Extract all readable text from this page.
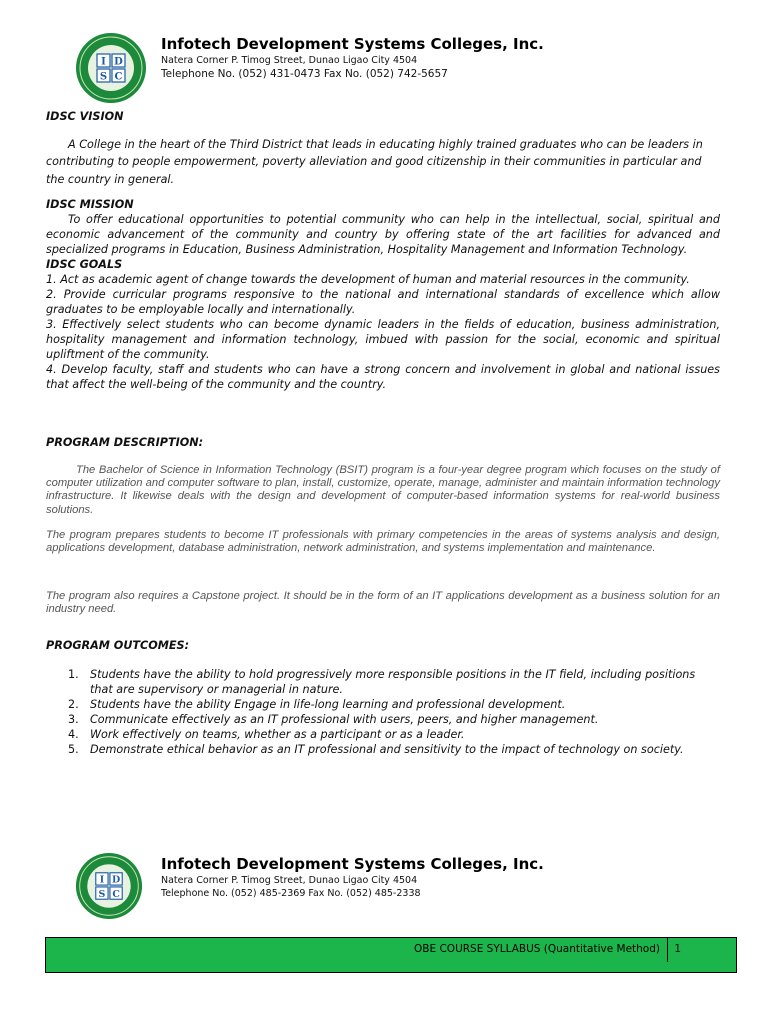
I D
S C
Infotech Development Systems Colleges, Inc.
Natera Corner P. Timog Street, Dunao Ligao City 4504
Telephone No. (052) 431-0473 Fax No. (052) 742-5657
IDSC VISION

A College in the heart of the Third District that leads in educating highly trained graduates who can be leaders in contributing to people empowerment, poverty alleviation and good citizenship in their communities in particular and the country in general.

IDSC MISSION

To offer educational opportunities to potential community who can help in the intellectual, social, spiritual and economic advancement of the community and country by offering state of the art facilities for advanced and specialized programs in Education, Business Administration, Hospitality Management and Information Technology.

IDSC GOALS

1. Act as academic agent of change towards the development of human and material resources in the community.

2. Provide curricular programs responsive to the national and international standards of excellence which allow graduates to be employable locally and internationally.

3. Effectively select students who can become dynamic leaders in the fields of education, business administration, hospitality management and information technology, imbued with passion for the social, economic and spiritual upliftment of the community.

4. Develop faculty, staff and students who can have a strong concern and involvement in global and national issues that affect the well-being of the community and the country.

PROGRAM DESCRIPTION:

The Bachelor of Science in Information Technology (BSIT) program is a four-year degree program which focuses on the study of computer utilization and computer software to plan, install, customize, operate, manage, administer and maintain information technology infrastructure. It likewise deals with the design and development of computer-based information systems for real-world business solutions.

The program prepares students to become IT professionals with primary competencies in the areas of systems analysis and design, applications development, database administration, network administration, and systems implementation and maintenance.

The program also requires a Capstone project. It should be in the form of an IT applications development as a business solution for an industry need.

PROGRAM OUTCOMES:
1. Students have the ability to hold progressively more responsible positions in the IT field, including positions that are supervisory or managerial in nature.
2. Students have the ability Engage in life-long learning and professional development.
3. Communicate effectively as an IT professional with users, peers, and higher management.
4. Work effectively on teams, whether as a participant or as a leader.
5. Demonstrate ethical behavior as an IT professional and sensitivity to the impact of technology on society.
I D
S C
Infotech Development Systems Colleges, Inc.
Natera Corner P. Timog Street, Dunao Ligao City 4504
Telephone No. (052) 485-2369 Fax No. (052) 485-2338
OBE COURSE SYLLABUS (Quantitative Method) 1
